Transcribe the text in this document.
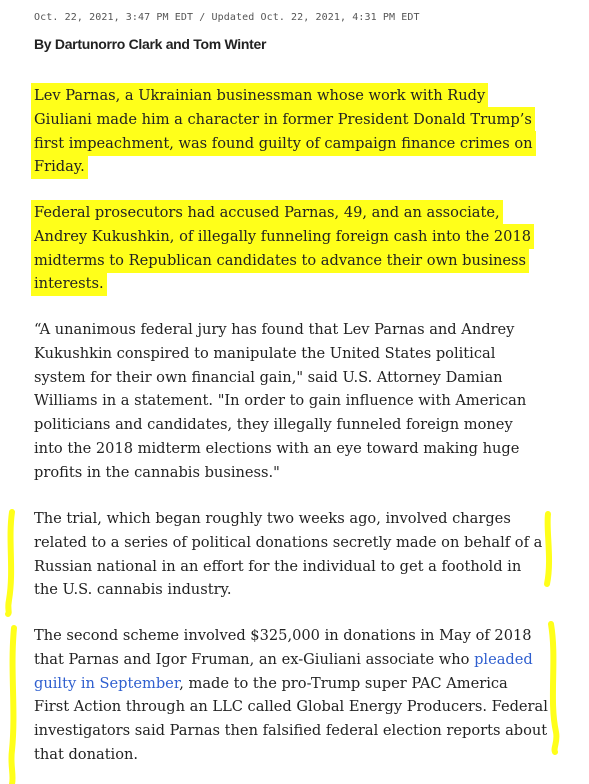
Oct. 22, 2021, 3:47 PM EDT / Updated Oct. 22, 2021, 4:31 PM EDT
By Dartunorro Clark and Tom Winter
Lev Parnas, a Ukrainian businessman whose work with Rudy
Giuliani made him a character in former President Donald Trump’s
first impeachment, was found guilty of campaign finance crimes on
Friday.
Federal prosecutors had accused Parnas, 49, and an associate,
Andrey Kukushkin, of illegally funneling foreign cash into the 2018
midterms to Republican candidates to advance their own business
interests.
“A unanimous federal jury has found that Lev Parnas and Andrey
Kukushkin conspired to manipulate the United States political
system for their own financial gain," said U.S. Attorney Damian
Williams in a statement. "In order to gain influence with American
politicians and candidates, they illegally funneled foreign money
into the 2018 midterm elections with an eye toward making huge
profits in the cannabis business."
The trial, which began roughly two weeks ago, involved charges
related to a series of political donations secretly made on behalf of a
Russian national in an effort for the individual to get a foothold in
the U.S. cannabis industry.
The second scheme involved $325,000 in donations in May of 2018
that Parnas and Igor Fruman, an ex-Giuliani associate who pleaded
guilty in September, made to the pro-Trump super PAC America
First Action through an LLC called Global Energy Producers. Federal
investigators said Parnas then falsified federal election reports about
that donation.
